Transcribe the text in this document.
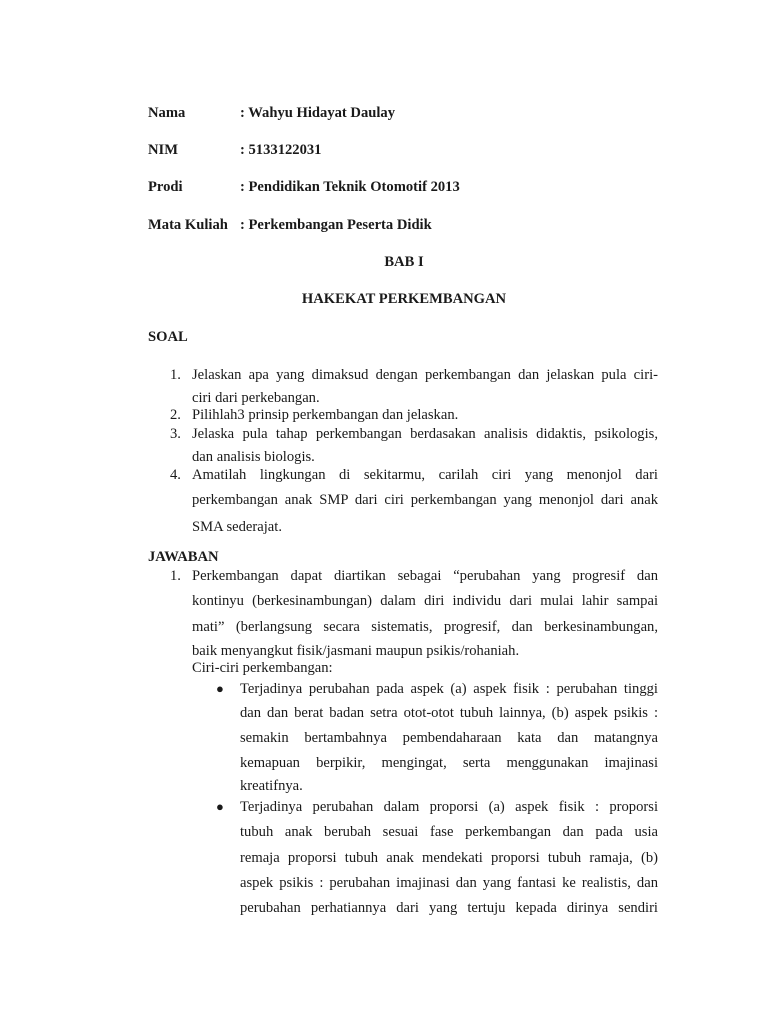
Nama	: Wahyu Hidayat Daulay
NIM	: 5133122031
Prodi	: Pendidikan Teknik Otomotif 2013
Mata Kuliah : Perkembangan Peserta Didik
BAB I
HAKEKAT PERKEMBANGAN
SOAL
1. Jelaskan apa yang dimaksud dengan perkembangan dan jelaskan pula ciri-
ciri dari perkebangan.
2. Pilihlah3 prinsip perkembangan dan jelaskan.
3. Jelaska pula tahap perkembangan berdasakan analisis didaktis, psikologis,
dan analisis biologis.
4. Amatilah lingkungan di sekitarmu, carilah ciri yang menonjol dari
perkembangan anak SMP dari ciri perkembangan yang menonjol dari anak
SMA sederajat.
JAWABAN
1. Perkembangan dapat diartikan sebagai “perubahan yang progresif dan
kontinyu (berkesinambungan) dalam diri individu dari mulai lahir sampai
mati” (berlangsung secara sistematis, progresif, dan berkesinambungan,
baik menyangkut fisik/jasmani maupun psikis/rohaniah.
Ciri-ciri perkembangan:
● Terjadinya perubahan pada aspek (a) aspek fisik : perubahan tinggi
dan dan berat badan setra otot-otot tubuh lainnya, (b) aspek psikis :
semakin bertambahnya pembendaharaan kata dan matangnya
kemapuan berpikir, mengingat, serta menggunakan imajinasi
kreatifnya.
● Terjadinya perubahan dalam proporsi (a) aspek fisik : proporsi
tubuh anak berubah sesuai fase perkembangan dan pada usia
remaja proporsi tubuh anak mendekati proporsi tubuh ramaja, (b)
aspek psikis : perubahan imajinasi dan yang fantasi ke realistis, dan
perubahan perhatiannya dari yang tertuju kepada dirinya sendiri
